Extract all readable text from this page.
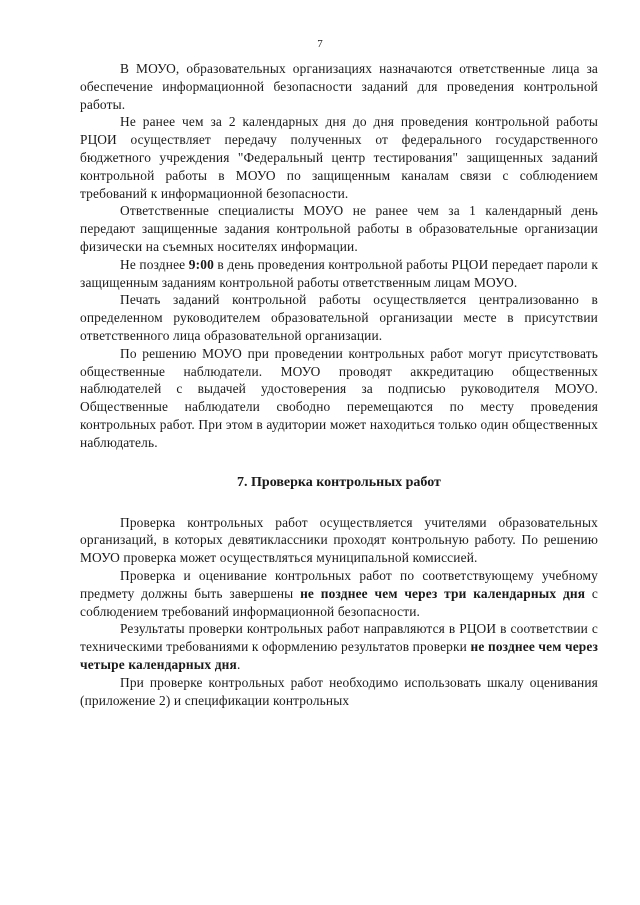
7

В МОУО, образовательных организациях назначаются ответственные лица за обеспечение информационной безопасности заданий для проведения контрольной работы.

Не ранее чем за 2 календарных дня до дня проведения контрольной работы РЦОИ осуществляет передачу полученных от федерального государственного бюджетного учреждения "Федеральный центр тестирования" защищенных заданий контрольной работы в МОУО по защищенным каналам связи с соблюдением требований к информационной безопасности.

Ответственные специалисты МОУО не ранее чем за 1 календарный день передают защищенные задания контрольной работы в образовательные организации физически на съемных носителях информации.

Не позднее 9:00 в день проведения контрольной работы РЦОИ передает пароли к защищенным заданиям контрольной работы ответственным лицам МОУО.

Печать заданий контрольной работы осуществляется централизованно в определенном руководителем образовательной организации месте в присутствии ответственного лица образовательной организации.

По решению МОУО при проведении контрольных работ могут присутствовать общественные наблюдатели. МОУО проводят аккредитацию общественных наблюдателей с выдачей удостоверения за подписью руководителя МОУО. Общественные наблюдатели свободно перемещаются по месту проведения контрольных работ. При этом в аудитории может находиться только один общественных наблюдатель.

7. Проверка контрольных работ

Проверка контрольных работ осуществляется учителями образовательных организаций, в которых девятиклассники проходят контрольную работу. По решению МОУО проверка может осуществляться муниципальной комиссией.

Проверка и оценивание контрольных работ по соответствующему учебному предмету должны быть завершены не позднее чем через три календарных дня с соблюдением требований информационной безопасности.

Результаты проверки контрольных работ направляются в РЦОИ в соответствии с техническими требованиями к оформлению результатов проверки не позднее чем через четыре календарных дня.

При проверке контрольных работ необходимо использовать шкалу оценивания (приложение 2) и спецификации контрольных
